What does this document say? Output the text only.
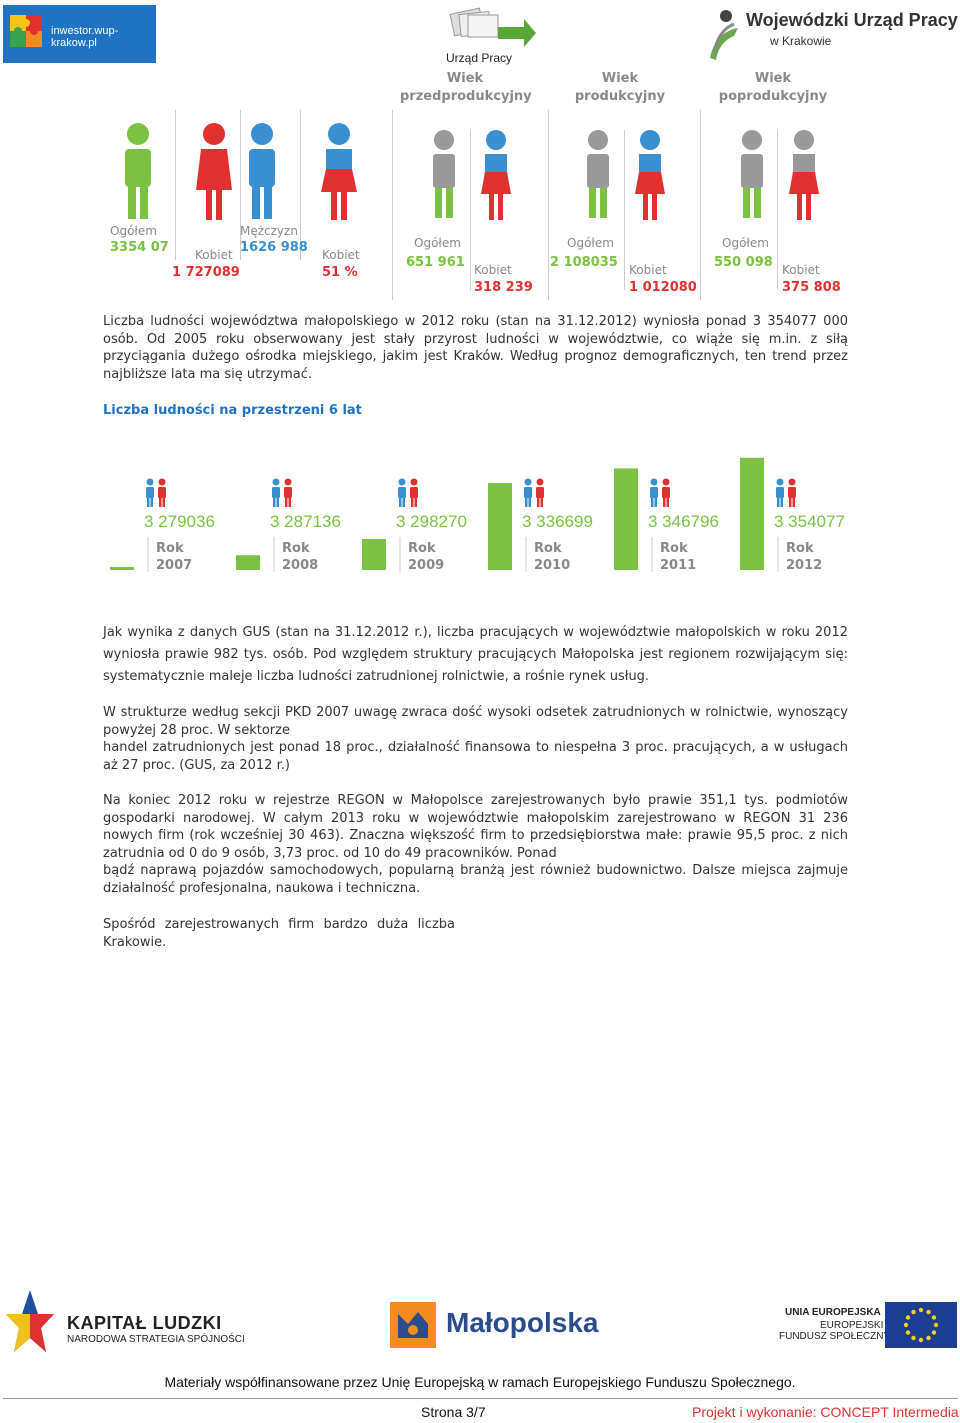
inwestor.wup-krakow.pl
Urząd Pracy
Wojewódzki Urząd Pracy
w Krakowie
Wiek
przedprodukcyjny
Wiek
produkcyjny
Wiek
poprodukcyjny
Ogółem
3354 07 Kobiet
1 727089
Mężczyzn
1626 988 Kobiet
51 %
Ogółem
651 961 Kobiet
318 239
Ogółem
2 108035 Kobiet
1 012080
Ogółem
550 098 Kobiet
375 808
Liczba ludności województwa małopolskiego w 2012 roku (stan na 31.12.2012) wyniosła ponad 3 354077 000 osób. Od 2005 roku obserwowany jest stały przyrost ludności w województwie, co wiąże się m.in. z siłą przyciągania dużego ośrodka miejskiego, jakim jest Kraków. Według prognoz demograficznych, ten trend przez najbliższe lata ma się utrzymać.
Liczba ludności na przestrzeni 6 lat
3 279036
Rok
2007
3 287136
Rok
2008
3 298270
Rok
2009
3 336699
Rok
2010
3 346796
Rok
2011
3 354077
Rok
2012
Jak wynika z danych GUS (stan na 31.12.2012 r.), liczba pracujących w województwie małopolskich w roku 2012 wyniosła prawie 982 tys. osób. Pod względem struktury pracujących Małopolska jest regionem rozwijającym się: systematycznie maleje liczba ludności zatrudnionej rolnictwie, a rośnie rynek usług.
W strukturze według sekcji PKD 2007 uwagę zwraca dość wysoki odsetek zatrudnionych w rolnictwie, wynoszący powyżej 28 proc. W sektorze
handel zatrudnionych jest ponad 18 proc., działalność finansowa to niespełna 3 proc. pracujących, a w usługach aż 27 proc. (GUS, za 2012 r.)
Na koniec 2012 roku w rejestrze REGON w Małopolsce zarejestrowanych było prawie 351,1 tys. podmiotów gospodarki narodowej. W całym 2013 roku w województwie małopolskim zarejestrowano w REGON 31 236 nowych firm (rok wcześniej 30 463). Znaczna większość firm to przedsiębiorstwa małe: prawie 95,5 proc. z nich zatrudnia od 0 do 9 osób, 3,73 proc. od 10 do 49 pracowników. Ponad
bądź naprawą pojazdów samochodowych, popularną branżą jest również budownictwo. Dalsze miejsca zajmuje działalność profesjonalna, naukowa i techniczna.
Spośród zarejestrowanych firm bardzo duża liczba Krakowie.
KAPITAŁ LUDZKI
NARODOWA STRATEGIA SPÓJNOŚCI
Małopolska	UNIA EUROPEJSKA
EUROPEJSKI
FUNDUSZ SPOŁECZNY
Materiały współfinansowane przez Unię Europejską w ramach Europejskiego Funduszu Społecznego.
Strona 3/7	Projekt i wykonanie: CONCEPT Intermedia
